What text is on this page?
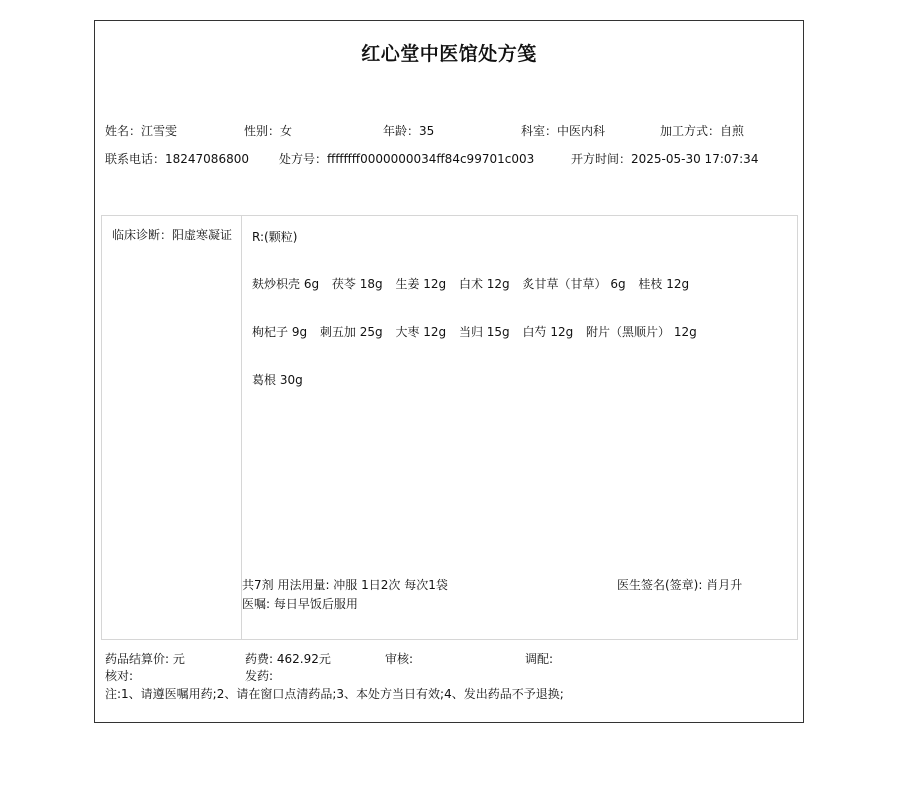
红心堂中医馆处方笺
姓名：江雪雯	性别：女	年龄：35	科室：中医内科	加工方式：自煎
联系电话：18247086800	处方号：ffffffff0000000034ff84c99701c003	开方时间：2025-05-30 17:07:34
临床诊断：阳虚寒凝证	R:(颗粒)
麸炒枳壳 6g 茯苓 18g 生姜 12g 白术 12g 炙甘草（甘草） 6g 桂枝 12g
枸杞子 9g 刺五加 25g 大枣 12g 当归 15g 白芍 12g 附片（黑顺片） 12g
葛根 30g
共7剂 用法用量: 冲服 1日2次 每次1袋
医嘱: 每日早饭后服用
医生签名(签章): 肖月升
药品结算价: 元	药费: 462.92元	审核:	调配:
核对:	发药:
注:1、请遵医嘱用药;2、请在窗口点清药品;3、本处方当日有效;4、发出药品不予退换;
